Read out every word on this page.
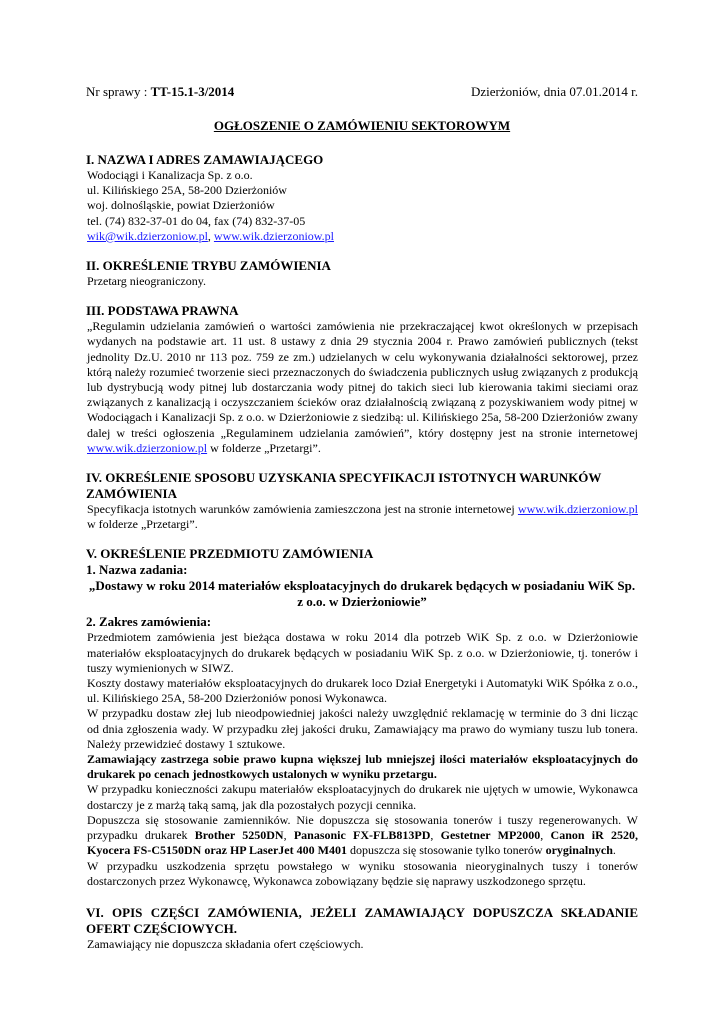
Nr sprawy : TT-15.1-3/2014	Dzierżoniów, dnia 07.01.2014 r.
OGŁOSZENIE O ZAMÓWIENIU SEKTOROWYM
I. NAZWA I ADRES ZAMAWIAJĄCEGO
Wodociągi i Kanalizacja Sp. z o.o.
ul. Kilińskiego 25A, 58-200 Dzierżoniów
woj. dolnośląskie, powiat Dzierżoniów
tel. (74) 832-37-01 do 04, fax (74) 832-37-05
wik@wik.dzierzoniow.pl, www.wik.dzierzoniow.pl
II. OKREŚLENIE TRYBU ZAMÓWIENIA
Przetarg nieograniczony.
III. PODSTAWA PRAWNA

„Regulamin udzielania zamówień o wartości zamówienia nie przekraczającej kwot określonych w przepisach wydanych na podstawie art. 11 ust. 8 ustawy z dnia 29 stycznia 2004 r. Prawo zamówień publicznych (tekst jednolity Dz.U. 2010 nr 113 poz. 759 ze zm.) udzielanych w celu wykonywania działalności sektorowej, przez którą należy rozumieć tworzenie sieci przeznaczonych do świadczenia publicznych usług związanych z produkcją lub dystrybucją wody pitnej lub dostarczania wody pitnej do takich sieci lub kierowania takimi sieciami oraz związanych z kanalizacją i oczyszczaniem ścieków oraz działalnością związaną z pozyskiwaniem wody pitnej w Wodociągach i Kanalizacji Sp. z o.o. w Dzierżoniowie z siedzibą: ul. Kilińskiego 25a, 58-200 Dzierżoniów zwany dalej w treści ogłoszenia „Regulaminem udzielania zamówień”, który dostępny jest na stronie internetowej www.wik.dzierzoniow.pl w folderze „Przetargi”.

IV. OKREŚLENIE SPOSOBU UZYSKANIA SPECYFIKACJI ISTOTNYCH WARUNKÓW ZAMÓWIENIA

Specyfikacja istotnych warunków zamówienia zamieszczona jest na stronie internetowej www.wik.dzierzoniow.pl w folderze „Przetargi”.

V. OKREŚLENIE PRZEDMIOTU ZAMÓWIENIA
1. Nazwa zadania:
„Dostawy w roku 2014 materiałów eksploatacyjnych do drukarek będących w posiadaniu WiK Sp. z o.o. w Dzierżoniowie”
2. Zakres zamówienia:

Przedmiotem zamówienia jest bieżąca dostawa w roku 2014 dla potrzeb WiK Sp. z o.o. w Dzierżoniowie materiałów eksploatacyjnych do drukarek będących w posiadaniu WiK Sp. z o.o. w Dzierżoniowie, tj. tonerów i tuszy wymienionych w SIWZ.

Koszty dostawy materiałów eksploatacyjnych do drukarek loco Dział Energetyki i Automatyki WiK Spółka z o.o., ul. Kilińskiego 25A, 58-200 Dzierżoniów ponosi Wykonawca.

W przypadku dostaw złej lub nieodpowiedniej jakości należy uwzględnić reklamację w terminie do 3 dni licząc od dnia zgłoszenia wady. W przypadku złej jakości druku, Zamawiający ma prawo do wymiany tuszu lub tonera. Należy przewidzieć dostawy 1 sztukowe.

Zamawiający zastrzega sobie prawo kupna większej lub mniejszej ilości materiałów eksploatacyjnych do drukarek po cenach jednostkowych ustalonych w wyniku przetargu.

W przypadku konieczności zakupu materiałów eksploatacyjnych do drukarek nie ujętych w umowie, Wykonawca dostarczy je z marżą taką samą, jak dla pozostałych pozycji cennika.

Dopuszcza się stosowanie zamienników. Nie dopuszcza się stosowania tonerów i tuszy regenerowanych. W przypadku drukarek Brother 5250DN, Panasonic FX-FLB813PD, Gestetner MP2000, Canon iR 2520, Kyocera FS-C5150DN oraz HP LaserJet 400 M401 dopuszcza się stosowanie tylko tonerów oryginalnych.

W przypadku uszkodzenia sprzętu powstałego w wyniku stosowania nieoryginalnych tuszy i tonerów dostarczonych przez Wykonawcę, Wykonawca zobowiązany będzie się naprawy uszkodzonego sprzętu.

VI. OPIS CZĘŚCI ZAMÓWIENIA, JEŻELI ZAMAWIAJĄCY DOPUSZCZA SKŁADANIE OFERT CZĘŚCIOWYCH.
Zamawiający nie dopuszcza składania ofert częściowych.
